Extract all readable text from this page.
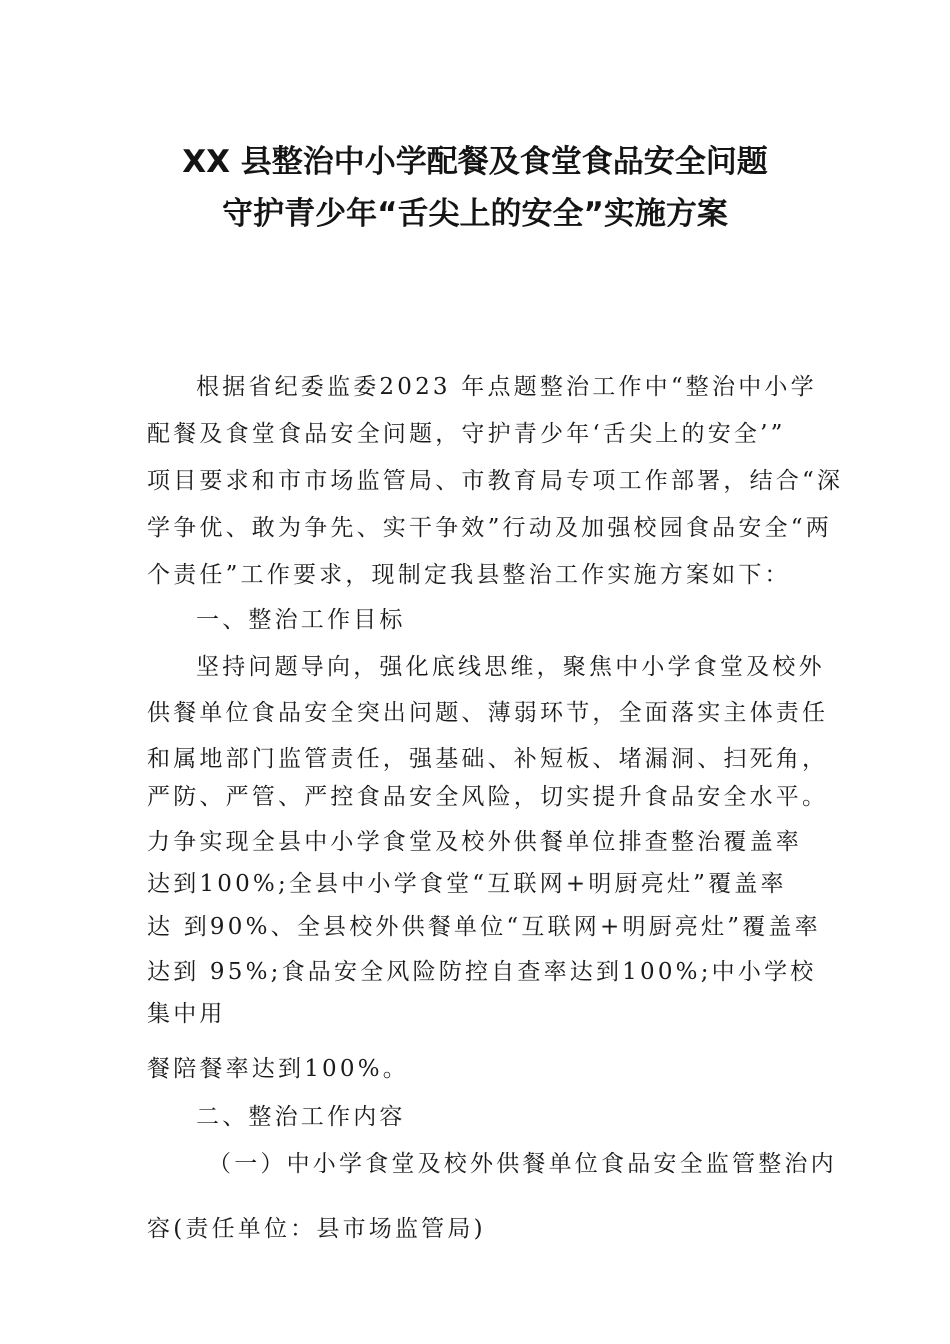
XX 县整治中小学配餐及食堂食品安全问题
守护青少年“舌尖上的安全”实施方案
根据省纪委监委2023 年点题整治工作中“整治中小学
配餐及食堂食品安全问题，守护青少年‘舌尖上的安全’”
项目要求和市市场监管局、市教育局专项工作部署，结合“深
学争优、敢为争先、实干争效”行动及加强校园食品安全“两
个责任”工作要求，现制定我县整治工作实施方案如下：
一、整治工作目标
坚持问题导向，强化底线思维，聚焦中小学食堂及校外
供餐单位食品安全突出问题、薄弱环节，全面落实主体责任
和属地部门监管责任，强基础、补短板、堵漏洞、扫死角，
严防、严管、严控食品安全风险，切实提升食品安全水平。
力争实现全县中小学食堂及校外供餐单位排查整治覆盖率
达到100%;全县中小学食堂“互联网+明厨亮灶”覆盖率
达 到90%、全县校外供餐单位“互联网+明厨亮灶”覆盖率
达到 95%;食品安全风险防控自查率达到100%;中小学校
集中用
餐陪餐率达到100%。
二、整治工作内容
（一）中小学食堂及校外供餐单位食品安全监管整治内
容(责任单位：县市场监管局)
